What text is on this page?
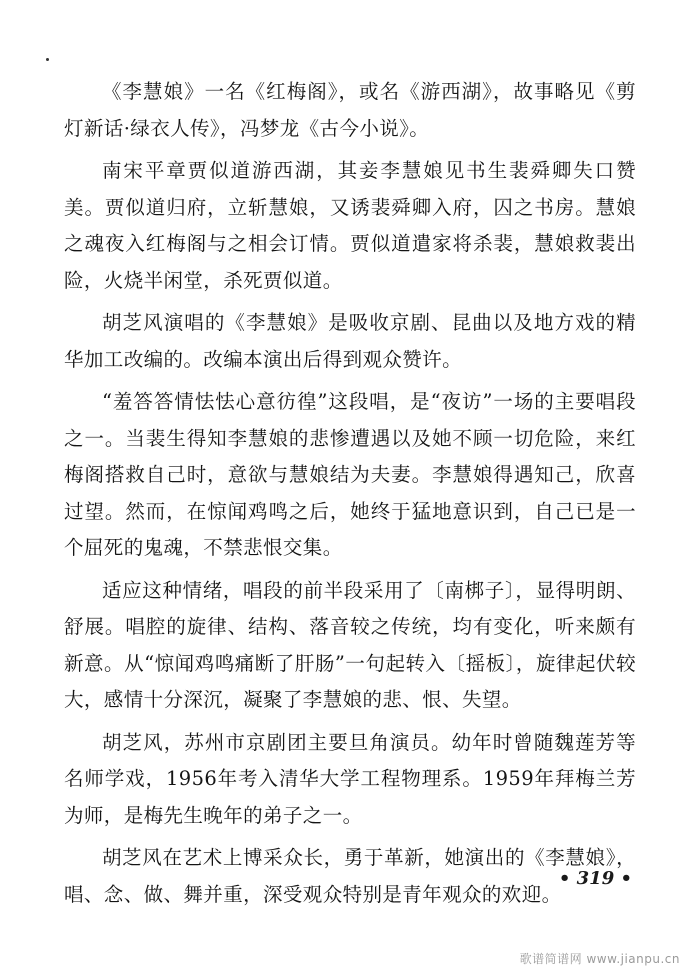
《李慧娘》一名《红梅阁》，或名《游西湖》，故事略见《剪灯新话·绿衣人传》，冯梦龙《古今小说》。

南宋平章贾似道游西湖，其妾李慧娘见书生裴舜卿失口赞美。贾似道归府，立斩慧娘，又诱裴舜卿入府，囚之书房。慧娘之魂夜入红梅阁与之相会订情。贾似道遣家将杀裴，慧娘救裴出险，火烧半闲堂，杀死贾似道。

胡芝风演唱的《李慧娘》是吸收京剧、昆曲以及地方戏的精华加工改编的。改编本演出后得到观众赞许。

“羞答答情怯怯心意彷徨”这段唱，是“夜访”一场的主要唱段之一。当裴生得知李慧娘的悲惨遭遇以及她不顾一切危险，来红梅阁搭救自己时，意欲与慧娘结为夫妻。李慧娘得遇知己，欣喜过望。然而，在惊闻鸡鸣之后，她终于猛地意识到，自己已是一个屈死的鬼魂，不禁悲恨交集。

适应这种情绪，唱段的前半段采用了〔南梆子〕，显得明朗、舒展。唱腔的旋律、结构、落音较之传统，均有变化，听来颇有新意。从“惊闻鸡鸣痛断了肝肠”一句起转入〔摇板〕，旋律起伏较大，感情十分深沉，凝聚了李慧娘的悲、恨、失望。

胡芝风，苏州市京剧团主要旦角演员。幼年时曾随魏莲芳等名师学戏，1956年考入清华大学工程物理系。1959年拜梅兰芳为师，是梅先生晚年的弟子之一。

胡芝风在艺术上博采众长，勇于革新，她演出的《李慧娘》，唱、念、做、舞并重，深受观众特别是青年观众的欢迎。

• 319 •
歌谱简谱网 www.jianpu.cn
